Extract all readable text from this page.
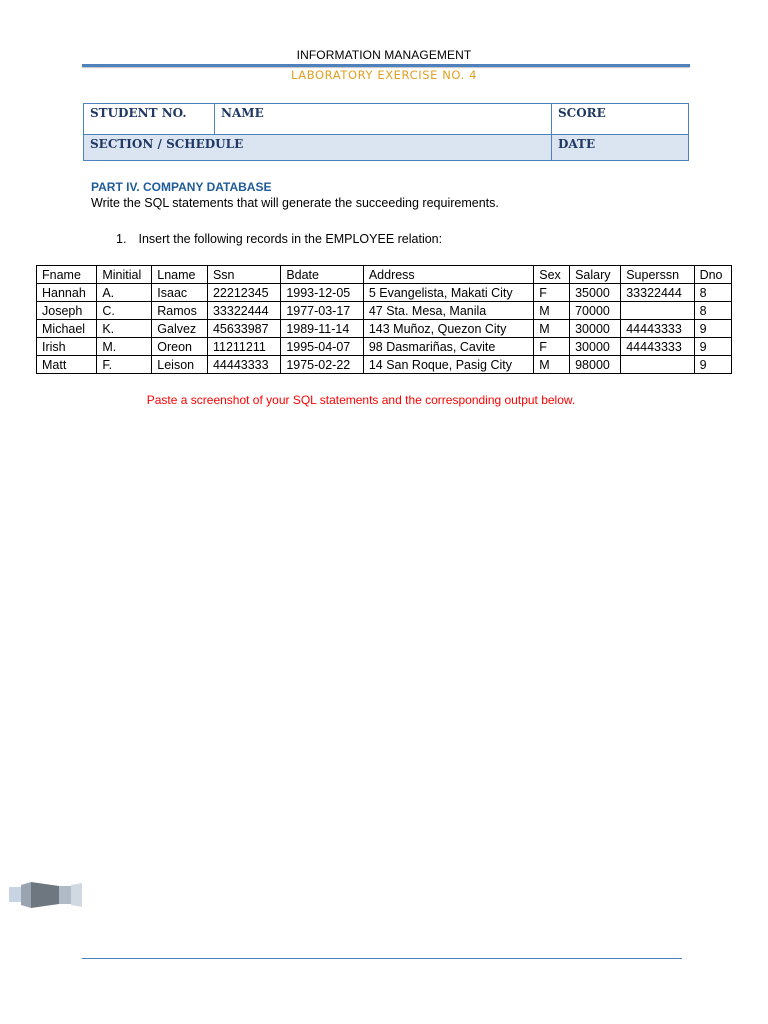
INFORMATION MANAGEMENT
LABORATORY EXERCISE NO. 4
STUDENT NO.	NAME	SCORE
SECTION / SCHEDULE		DATE
PART IV. COMPANY DATABASE
Write the SQL statements that will generate the succeeding requirements.
1. Insert the following records in the EMPLOYEE relation:
Fname	Minitial	Lname	Ssn	Bdate	Address	Sex	Salary	Superssn	Dno
Hannah	A.	Isaac	22212345	1993-12-05	5 Evangelista, Makati City	F	35000	33322444	8
Joseph	C.	Ramos	33322444	1977-03-17	47 Sta. Mesa, Manila	M	70000		8
Michael	K.	Galvez	45633987	1989-11-14	143 Muñoz, Quezon City	M	30000	44443333	9
Irish	M.	Oreon	11211211	1995-04-07	98 Dasmariñas, Cavite	F	30000	44443333	9
Matt	F.	Leison	44443333	1975-02-22	14 San Roque, Pasig City	M	98000		9
Paste a screenshot of your SQL statements and the corresponding output below.
